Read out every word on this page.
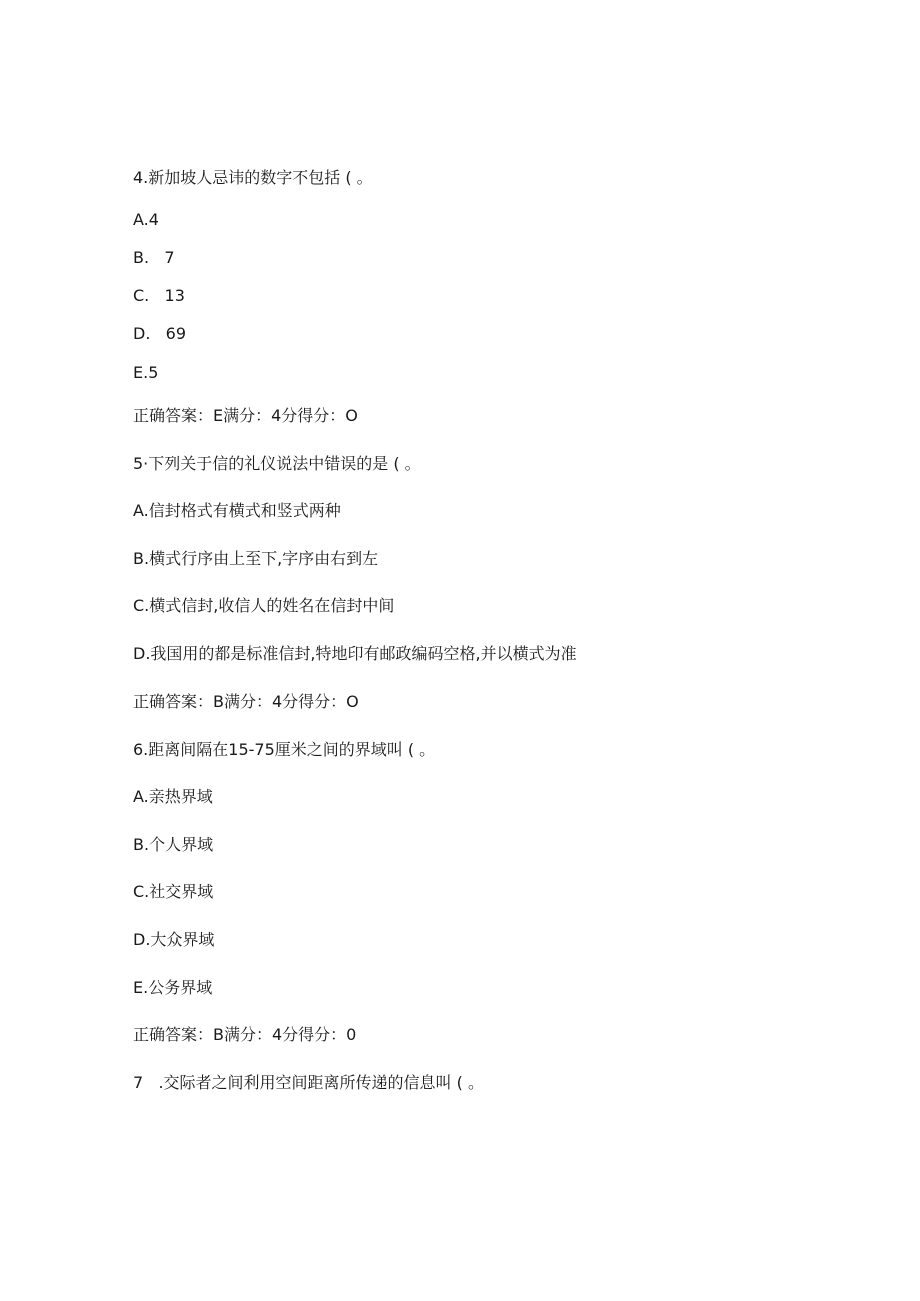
4.新加坡人忌讳的数字不包括 ( 。
A.4
B.   7
C.   13
D.   69
E.5
正确答案：E满分：4分得分：O
5·下列关于信的礼仪说法中错误的是 ( 。
A.信封格式有横式和竖式两种
B.横式行序由上至下,字序由右到左
C.横式信封,收信人的姓名在信封中间
D.我国用的都是标准信封,特地印有邮政编码空格,并以横式为准
正确答案：B满分：4分得分：O
6.距离间隔在15-75厘米之间的界域叫 ( 。
A.亲热界域
B.个人界域
C.社交界域
D.大众界域
E.公务界域
正确答案：B满分：4分得分：0
7   .交际者之间利用空间距离所传递的信息叫 ( 。
